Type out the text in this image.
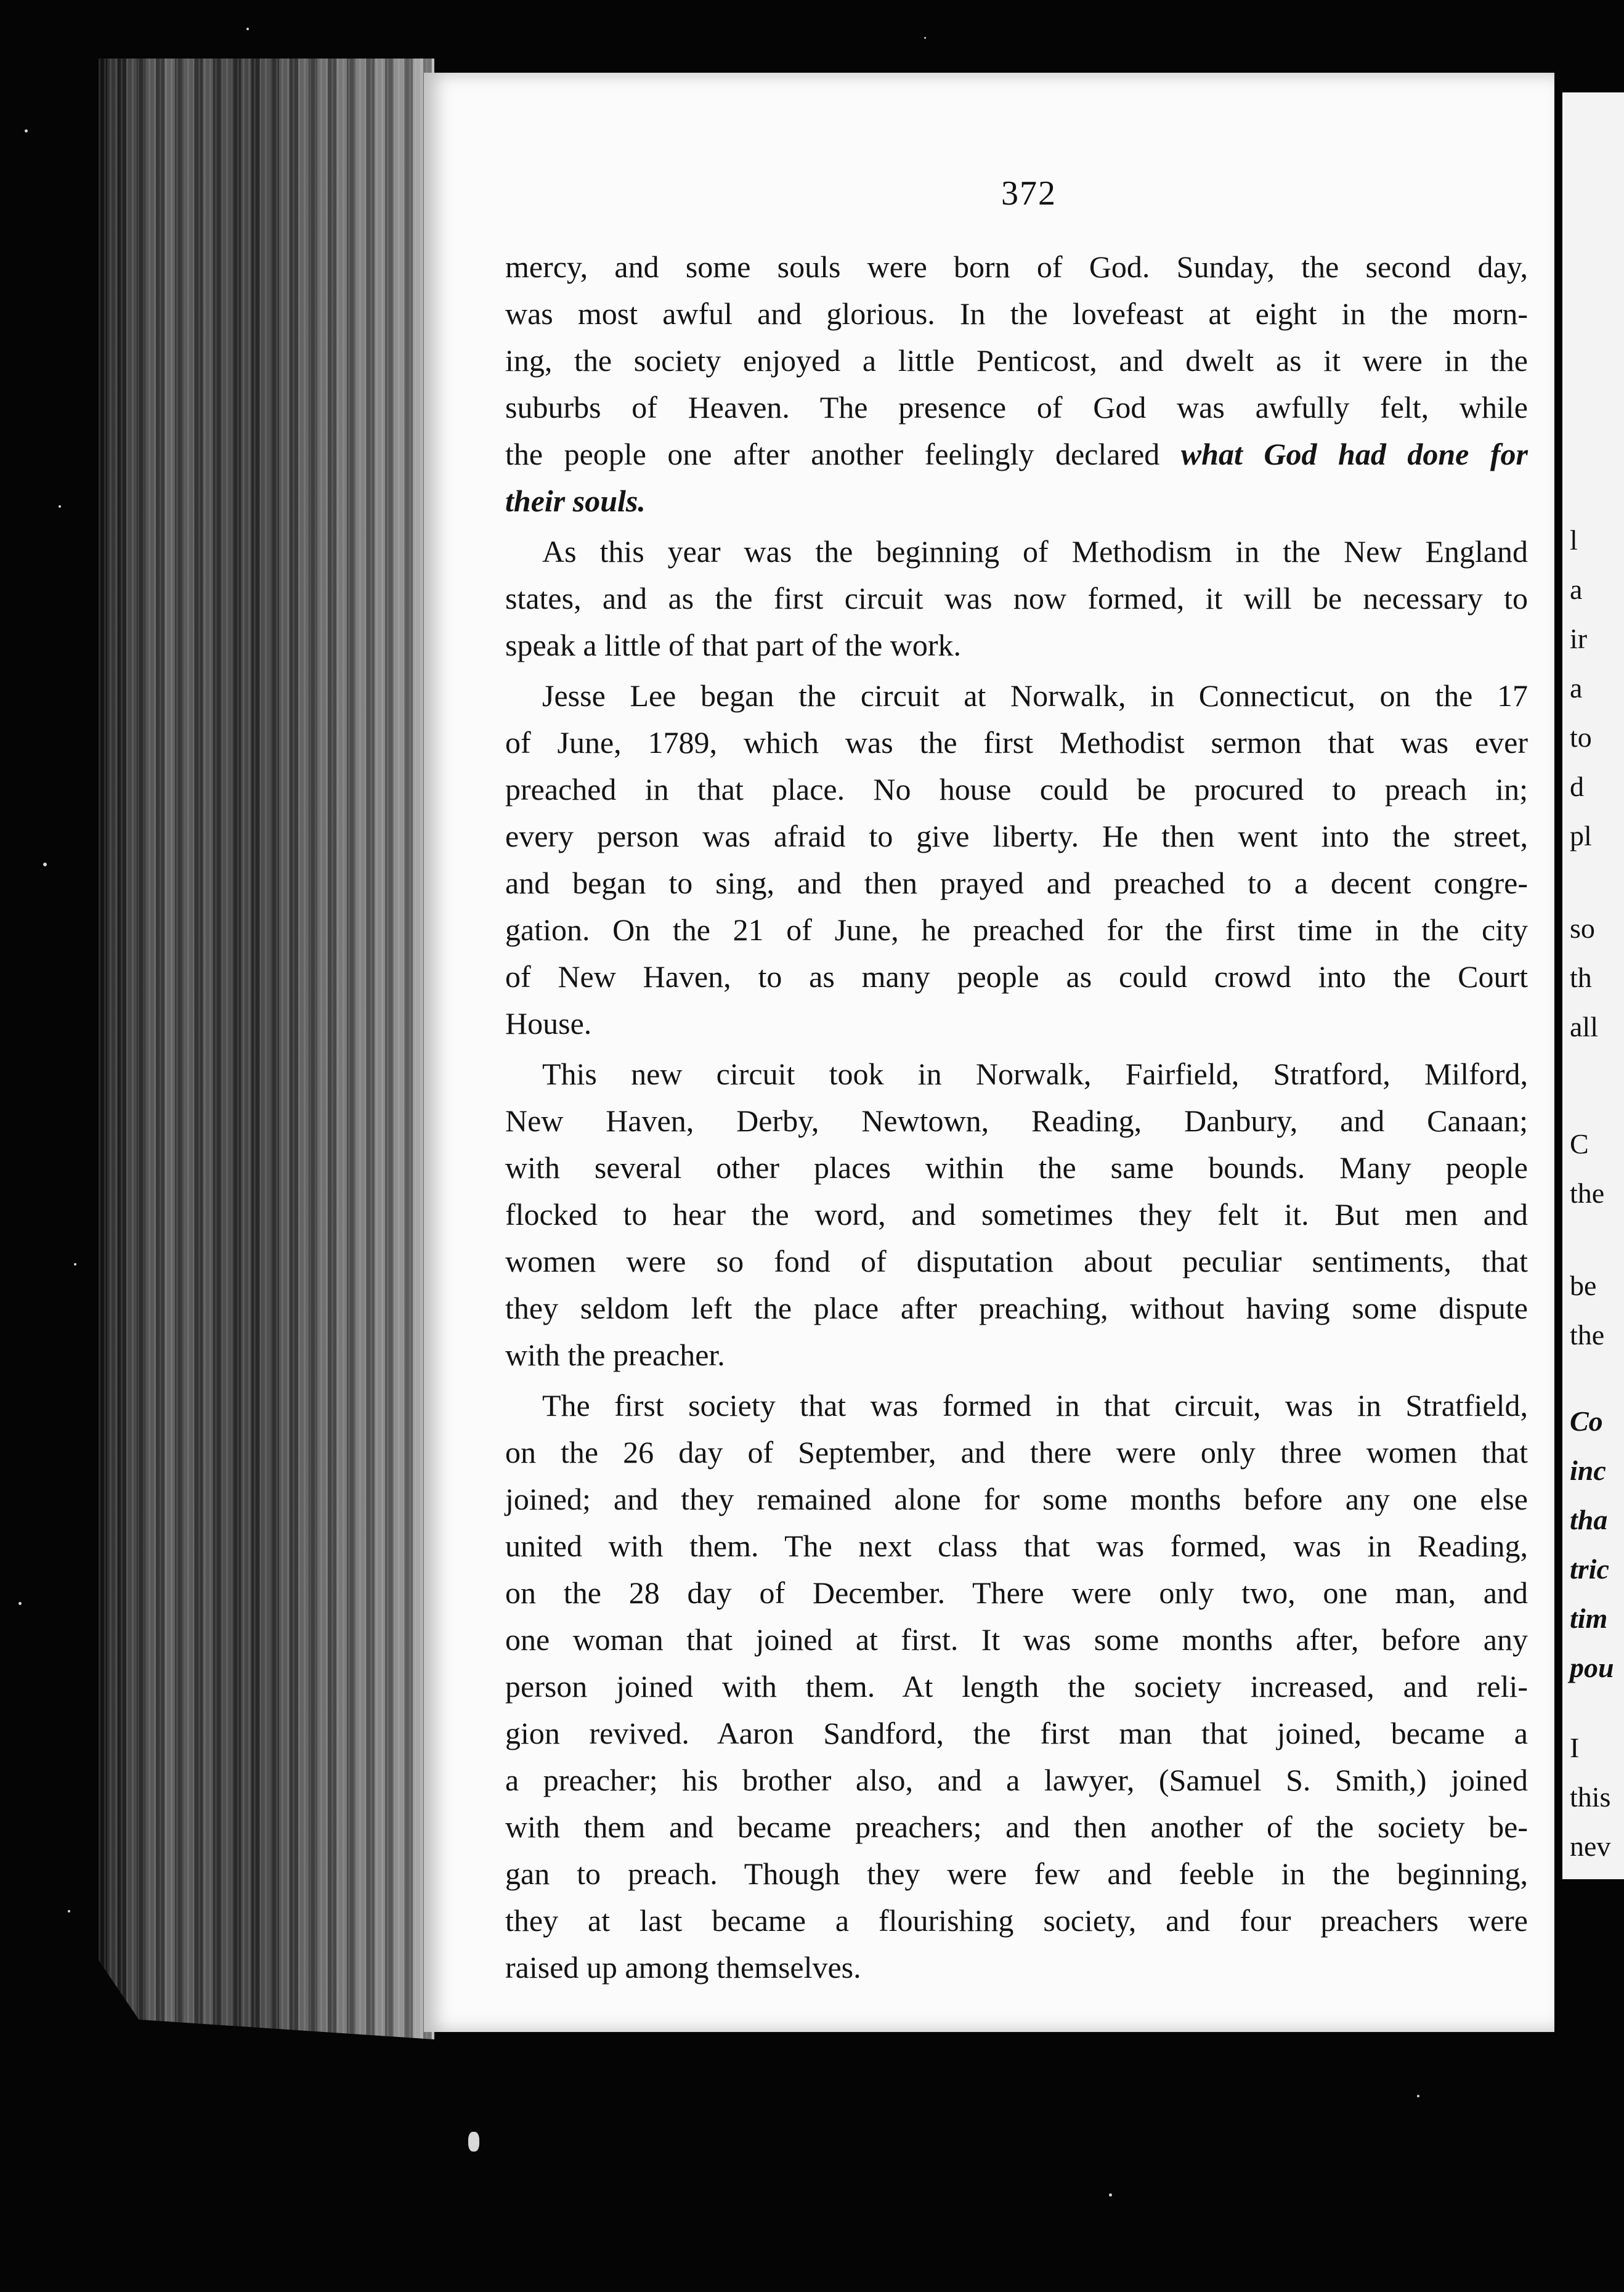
l
a
ir
a
to
d
pl
so
th
all
C
the
be
the
Co
inc
tha
tric
tim
pou
I
this
nev
372
mercy, and some souls were born of God. Sunday, the second day,
was most awful and glorious. In the lovefeast at eight in the morn-
ing, the society enjoyed a little Penticost, and dwelt as it were in the
suburbs of Heaven. The presence of God was awfully felt, while
the people one after another feelingly declared what God had done for
their souls.
As this year was the beginning of Methodism in the New England
states, and as the first circuit was now formed, it will be necessary to
speak a little of that part of the work.
Jesse Lee began the circuit at Norwalk, in Connecticut, on the 17
of June, 1789, which was the first Methodist sermon that was ever
preached in that place. No house could be procured to preach in;
every person was afraid to give liberty. He then went into the street,
and began to sing, and then prayed and preached to a decent congre-
gation. On the 21 of June, he preached for the first time in the city
of New Haven, to as many people as could crowd into the Court
House.
This new circuit took in Norwalk, Fairfield, Stratford, Milford,
New Haven, Derby, Newtown, Reading, Danbury, and Canaan;
with several other places within the same bounds. Many people
flocked to hear the word, and sometimes they felt it. But men and
women were so fond of disputation about peculiar sentiments, that
they seldom left the place after preaching, without having some dispute
with the preacher.
The first society that was formed in that circuit, was in Stratfield,
on the 26 day of September, and there were only three women that
joined; and they remained alone for some months before any one else
united with them. The next class that was formed, was in Reading,
on the 28 day of December. There were only two, one man, and
one woman that joined at first. It was some months after, before any
person joined with them. At length the society increased, and reli-
gion revived. Aaron Sandford, the first man that joined, became a
a preacher; his brother also, and a lawyer, (Samuel S. Smith,) joined
with them and became preachers; and then another of the society be-
gan to preach. Though they were few and feeble in the beginning,
they at last became a flourishing society, and four preachers were
raised up among themselves.
